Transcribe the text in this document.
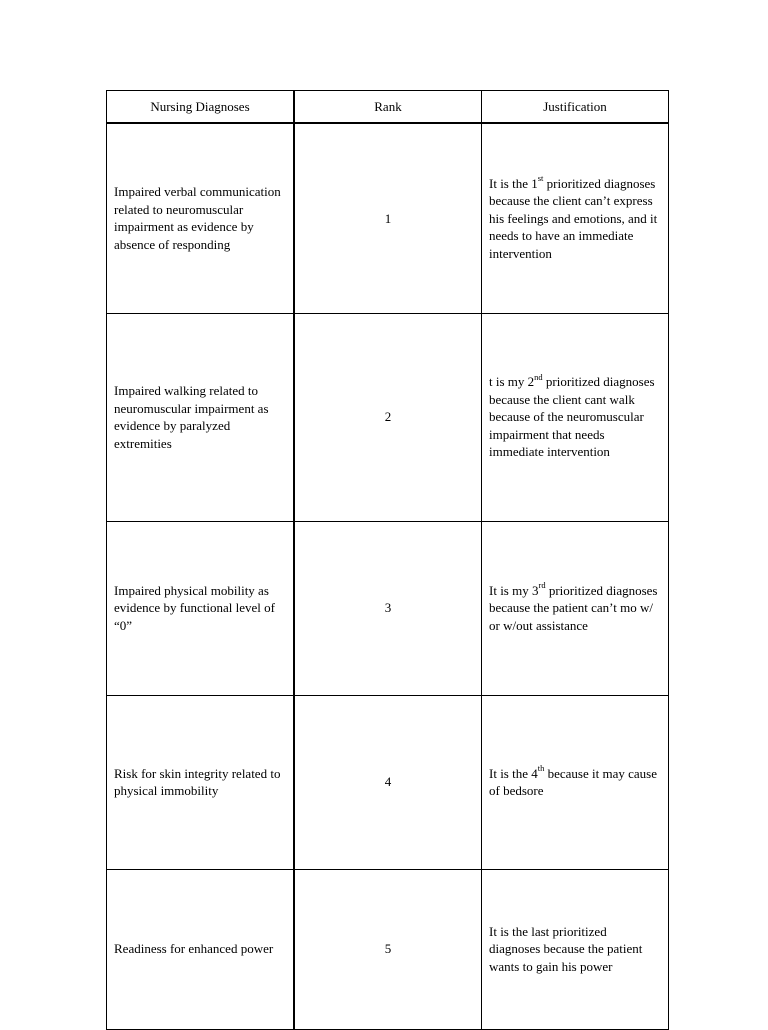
Nursing Diagnoses	Rank	Justification
Impaired verbal communication related to neuromuscular impairment as evidence by absence of responding	1	It is the 1st prioritized diagnoses because the client can’t express his feelings and emotions, and it needs to have an immediate intervention
Impaired walking related to neuromuscular impairment as evidence by paralyzed extremities	2	t is my 2nd prioritized diagnoses because the client cant walk because of the neuromuscular impairment that needs immediate intervention
Impaired physical mobility as evidence by functional level of “0”	3	It is my 3rd prioritized diagnoses because the patient can’t mo w/ or w/out assistance
Risk for skin integrity related to physical immobility	4	It is the 4th because it may cause of bedsore
Readiness for enhanced power	5	It is the last prioritized diagnoses because the patient wants to gain his power
